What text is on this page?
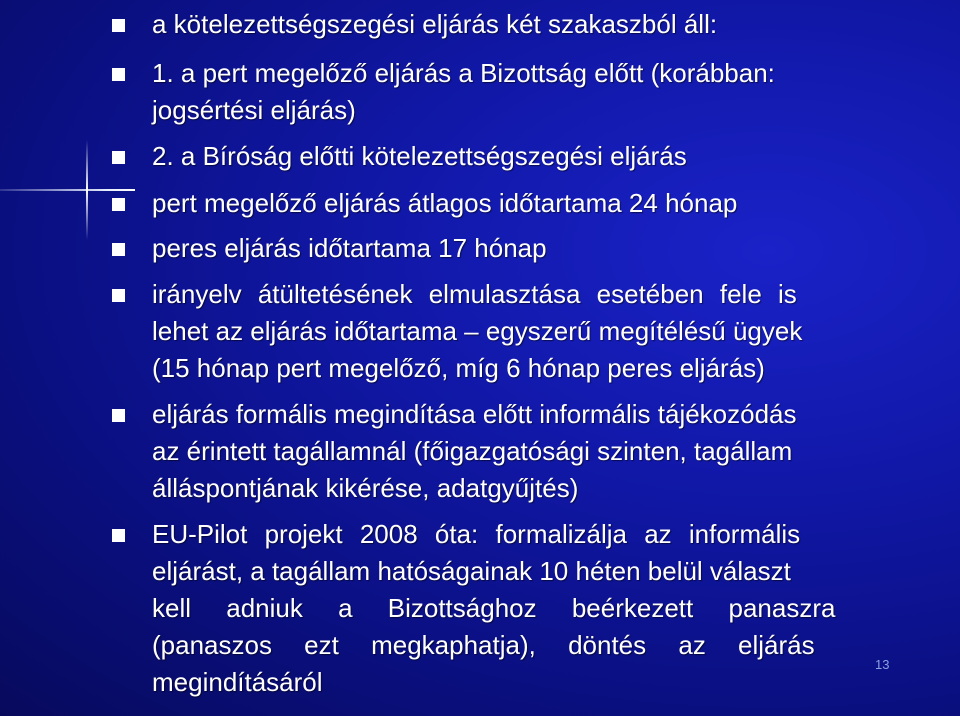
a kötelezettségszegési eljárás két szakaszból áll:
1. a pert megelőző eljárás a Bizottság előtt (korábban:
jogsértési eljárás)
2. a Bíróság előtti kötelezettségszegési eljárás
pert megelőző eljárás átlagos időtartama 24 hónap
peres eljárás időtartama 17 hónap
irányelv átültetésének elmulasztása esetében fele is
lehet az eljárás időtartama – egyszerű megítélésű ügyek
(15 hónap pert megelőző, míg 6 hónap peres eljárás)
eljárás formális megindítása előtt informális tájékozódás
az érintett tagállamnál (főigazgatósági szinten, tagállam
álláspontjának kikérése, adatgyűjtés)
EU-Pilot projekt 2008 óta: formalizálja az informális
eljárást, a tagállam hatóságainak 10 héten belül választ
kell adniuk a Bizottsághoz beérkezett panaszra
(panaszos ezt megkaphatja), döntés az eljárás
megindításáról
13
